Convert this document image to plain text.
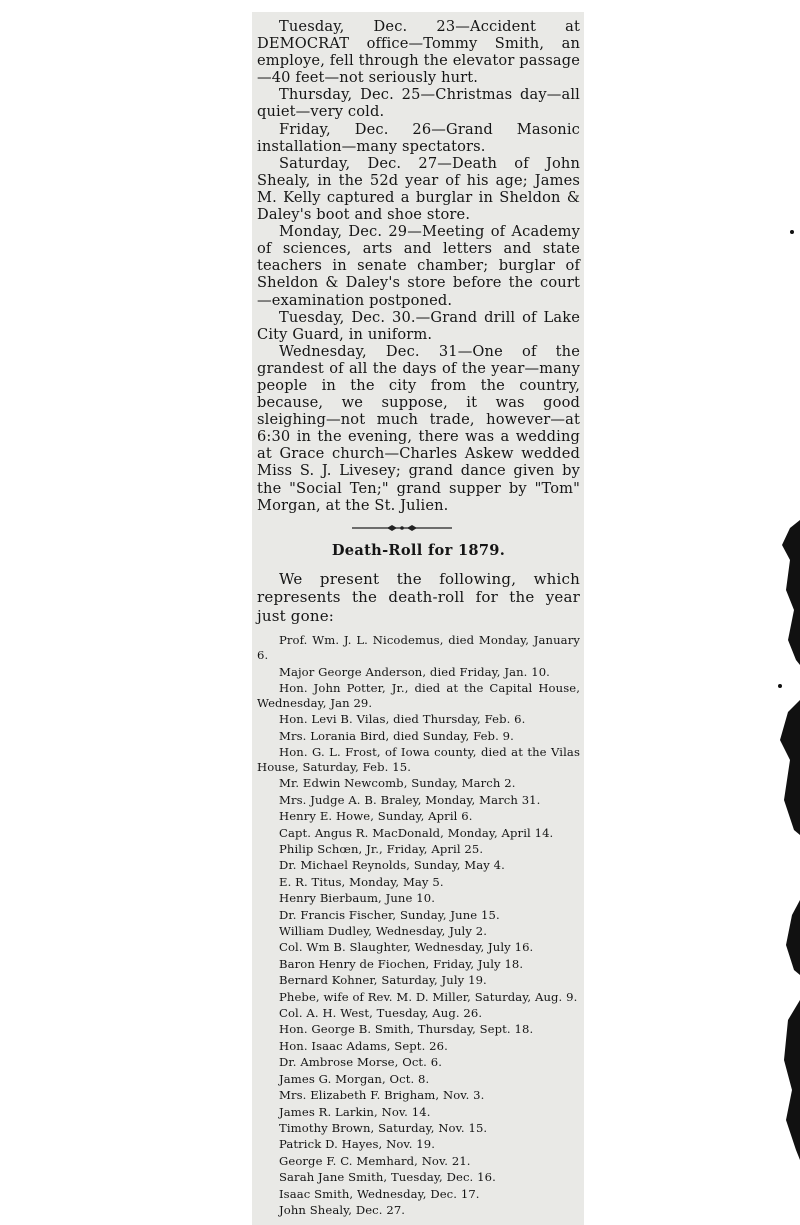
Tuesday, Dec. 23—Accident at DEMOCRAT office—Tommy Smith, an employe, fell through the elevator passage —40 feet—not seriously hurt.

Thursday, Dec. 25—Christmas day—all quiet—very cold.

Friday, Dec. 26—Grand Masonic installation—many spectators.

Saturday, Dec. 27—Death of John Shealy, in the 52d year of his age; James M. Kelly captured a burglar in Sheldon & Daley's boot and shoe store.

Monday, Dec. 29—Meeting of Academy of sciences, arts and letters and state teachers in senate chamber; burglar of Sheldon & Daley's store before the court—examination postponed.

Tuesday, Dec. 30.—Grand drill of Lake City Guard, in uniform.

Wednesday, Dec. 31—One of the grandest of all the days of the year—many people in the city from the country, because, we suppose, it was good sleighing—not much trade, however—at 6:30 in the evening, there was a wedding at Grace church—Charles Askew wedded Miss S. J. Livesey; grand dance given by the "Social Ten;" grand supper by "Tom" Morgan, at the St. Julien.

Death-Roll for 1879.

We present the following, which represents the death-roll for the year just gone:

Prof. Wm. J. L. Nicodemus, died Monday, January 6.
Major George Anderson, died Friday, Jan. 10.
Hon. John Potter, Jr., died at the Capital House, Wednesday, Jan 29.
Hon. Levi B. Vilas, died Thursday, Feb. 6.
Mrs. Lorania Bird, died Sunday, Feb. 9.
Hon. G. L. Frost, of Iowa county, died at the Vilas House, Saturday, Feb. 15.
Mr. Edwin Newcomb, Sunday, March 2.
Mrs. Judge A. B. Braley, Monday, March 31.
Henry E. Howe, Sunday, April 6.
Capt. Angus R. MacDonald, Monday, April 14.
Philip Schœn, Jr., Friday, April 25.
Dr. Michael Reynolds, Sunday, May 4.
E. R. Titus, Monday, May 5.
Henry Bierbaum, June 10.
Dr. Francis Fischer, Sunday, June 15.
William Dudley, Wednesday, July 2.
Col. Wm B. Slaughter, Wednesday, July 16.
Baron Henry de Fiochen, Friday, July 18.
Bernard Kohner, Saturday, July 19.
Phebe, wife of Rev. M. D. Miller, Saturday, Aug. 9.
Col. A. H. West, Tuesday, Aug. 26.
Hon. George B. Smith, Thursday, Sept. 18.
Hon. Isaac Adams, Sept. 26.
Dr. Ambrose Morse, Oct. 6.
James G. Morgan, Oct. 8.
Mrs. Elizabeth F. Brigham, Nov. 3.
James R. Larkin, Nov. 14.
Timothy Brown, Saturday, Nov. 15.
Patrick D. Hayes, Nov. 19.
George F. C. Memhard, Nov. 21.
Sarah Jane Smith, Tuesday, Dec. 16.
Isaac Smith, Wednesday, Dec. 17.
John Shealy, Dec. 27.
